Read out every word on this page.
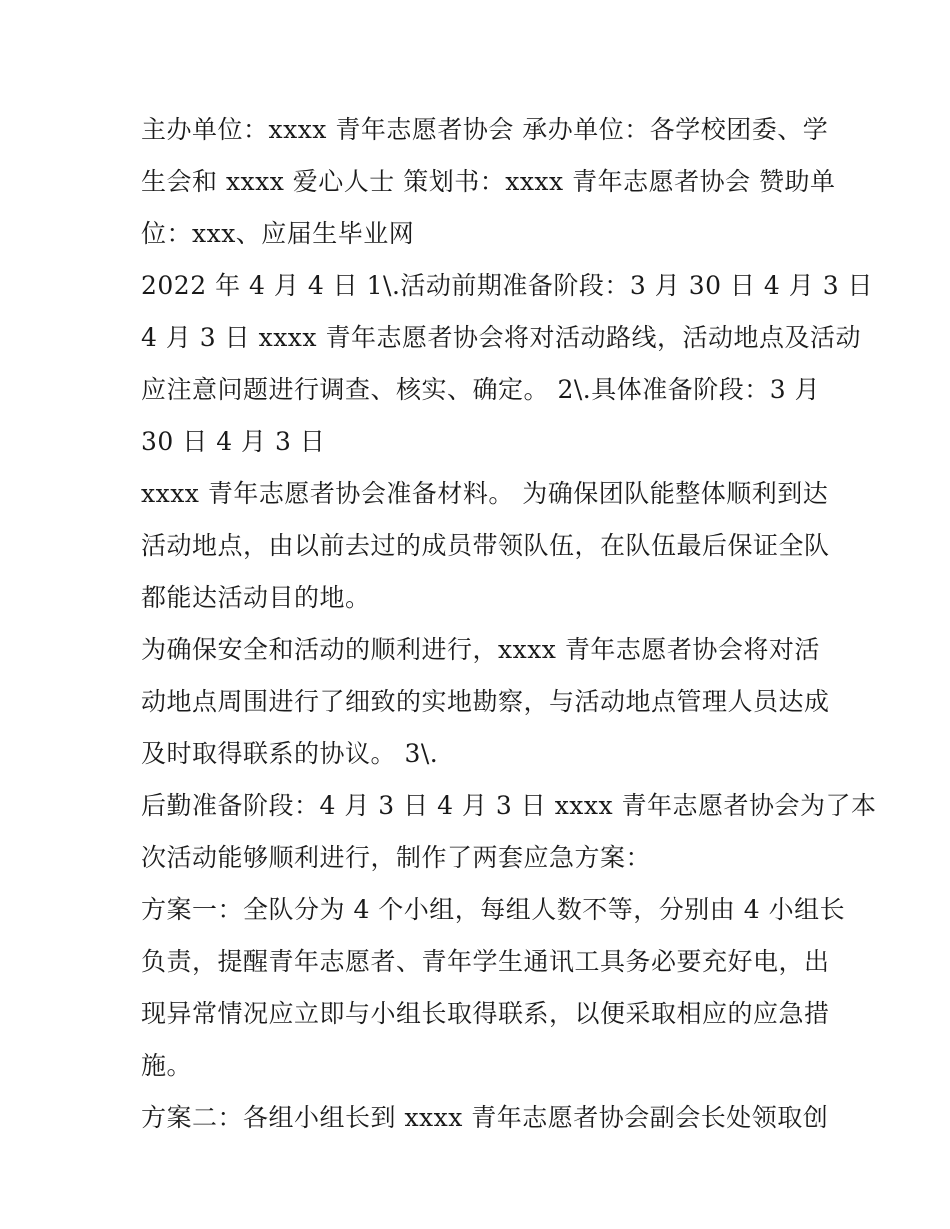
主办单位：xxxx 青年志愿者协会 承办单位：各学校团委、学
生会和 xxxx 爱心人士 策划书：xxxx 青年志愿者协会 赞助单
位：xxx、应届生毕业网
2022 年 4 月 4 日 1\.活动前期准备阶段：3 月 30 日 4 月 3 日
4 月 3 日 xxxx 青年志愿者协会将对活动路线，活动地点及活动
应注意问题进行调查、核实、确定。 2\.具体准备阶段：3 月
30 日 4 月 3 日
xxxx 青年志愿者协会准备材料。 为确保团队能整体顺利到达
活动地点，由以前去过的成员带领队伍，在队伍最后保证全队
都能达活动目的地。
为确保安全和活动的顺利进行，xxxx 青年志愿者协会将对活
动地点周围进行了细致的实地勘察，与活动地点管理人员达成
及时取得联系的协议。 3\.
后勤准备阶段：4 月 3 日 4 月 3 日 xxxx 青年志愿者协会为了本
次活动能够顺利进行，制作了两套应急方案：
方案一：全队分为 4 个小组，每组人数不等，分别由 4 小组长
负责，提醒青年志愿者、青年学生通讯工具务必要充好电，出
现异常情况应立即与小组长取得联系，以便采取相应的应急措
施。
方案二：各组小组长到 xxxx 青年志愿者协会副会长处领取创
